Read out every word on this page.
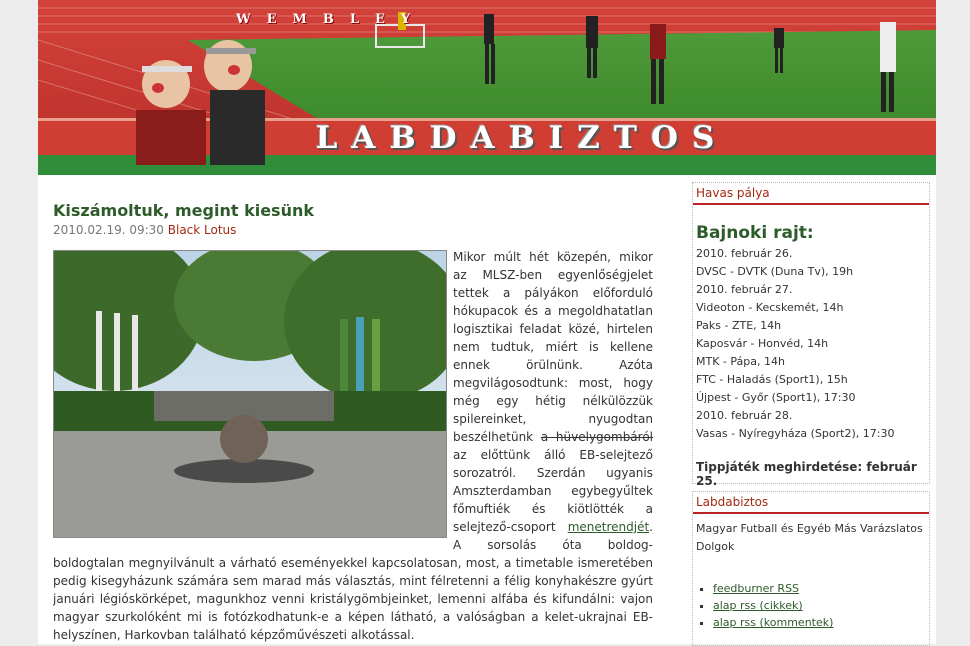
WEMBLEY
LABDABIZTOS
Kiszámoltuk, megint kiesünk
2010.02.19. 09:30 Black Lotus

Mikor múlt hét közepén, mikor az MLSZ-ben egyenlőségjelet tettek a pályákon előforduló hókupacok és a megoldhatatlan logisztikai feladat közé, hirtelen nem tudtuk, miért is kellene ennek örülnünk. Azóta megvilágosodtunk: most, hogy még egy hétig nélkülözzük spilereinket, nyugodtan beszélhetünk a hüvelygombáról az előttünk álló EB-selejtező sorozatról. Szerdán ugyanis Amszterdamban egybegyűltek főmuftiék és kiötlötték a selejtező-csoport menetrendjét. A sorsolás óta boldog-boldogtalan megnyilvánult a várható eseményekkel kapcsolatosan, most, a timetable ismeretében pedig kisegyházunk számára sem marad más választás, mint félretenni a félig konyhakészre gyúrt januári légióskörképet, magunkhoz venni kristálygömbjeinket, lemenni alfába és kifundálni: vajon magyar szurkolóként mi is fotózkodhatunk-e a képen látható, a valóságban a kelet-ukrajnai EB-helyszínen, Harkovban található képzőművészeti alkotással.

Havas pálya
Bajnoki rajt:
2010. február 26.
DVSC - DVTK (Duna Tv), 19h
2010. február 27.
Videoton - Kecskemét, 14h
Paks - ZTE, 14h
Kaposvár - Honvéd, 14h
MTK - Pápa, 14h
FTC - Haladás (Sport1), 15h
Újpest - Győr (Sport1), 17:30
2010. február 28.
Vasas - Nyíregyháza (Sport2), 17:30
Tippjáték meghirdetése: február 25.
Labdabiztos

Magyar Futball és Egyéb Más Varázslatos Dolgok

▪ feedburner RSS
▪ alap rss (cikkek)
▪ alap rss (kommentek)
